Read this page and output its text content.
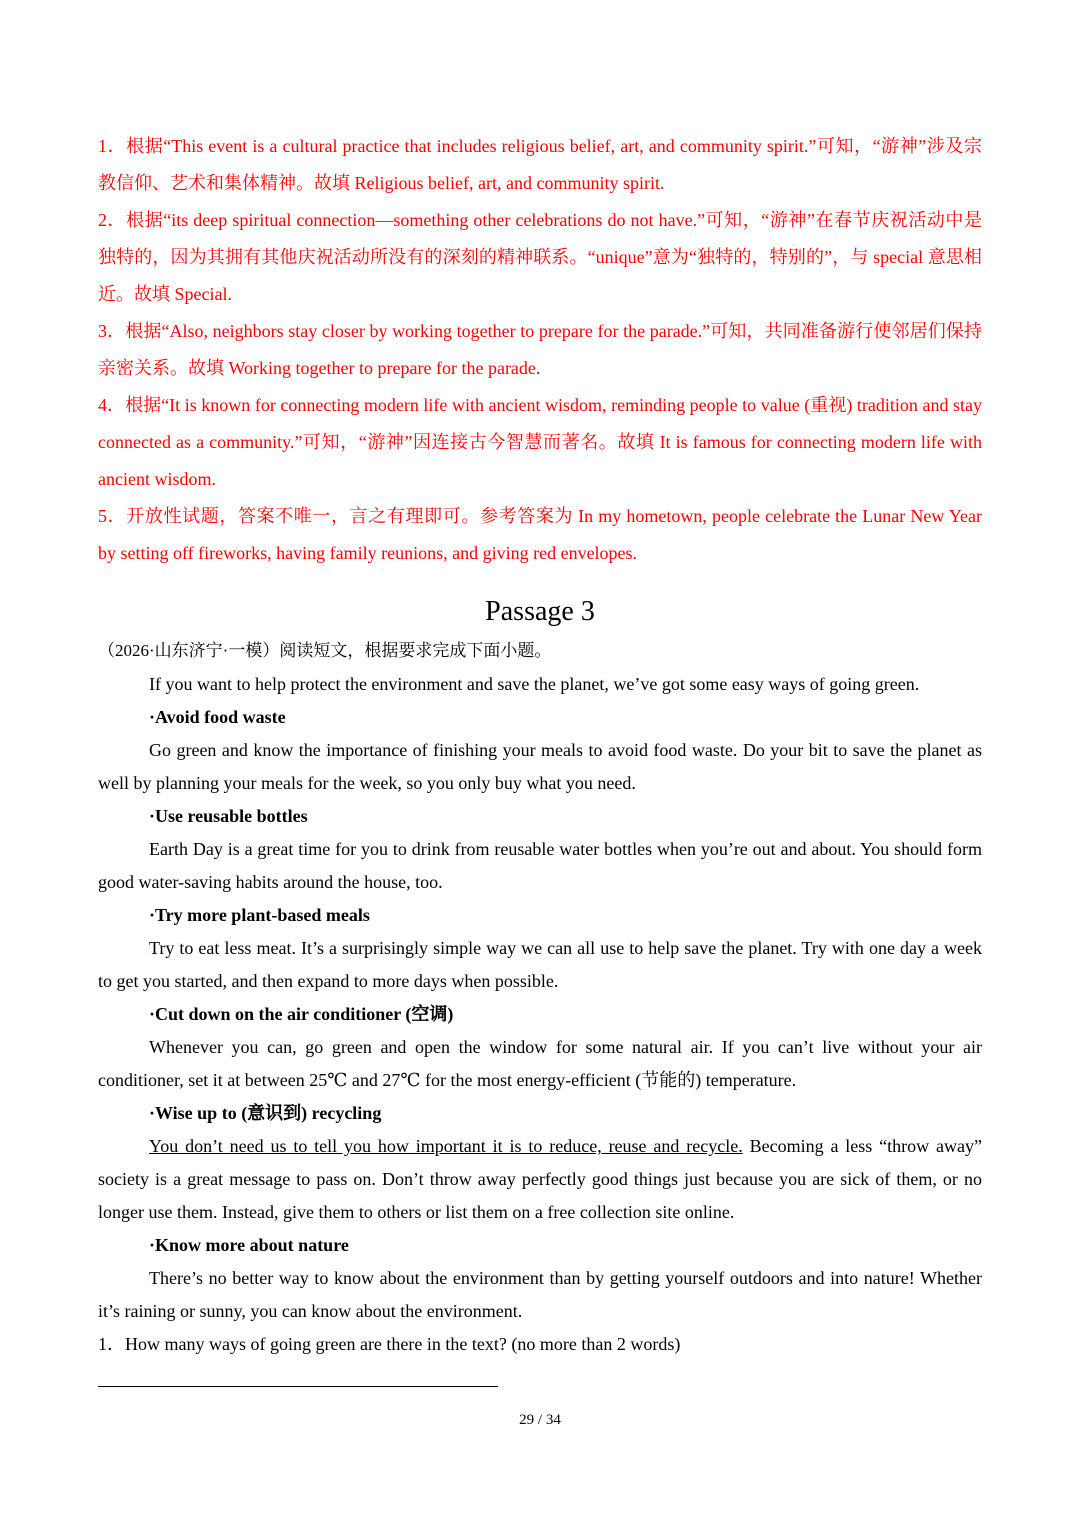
1．根据“This event is a cultural practice that includes religious belief, art, and community spirit.”可知，“游神”涉及宗教信仰、艺术和集体精神。故填 Religious belief, art, and community spirit.

2．根据“its deep spiritual connection—something other celebrations do not have.”可知，“游神”在春节庆祝活动中是独特的，因为其拥有其他庆祝活动所没有的深刻的精神联系。“unique”意为“独特的，特别的”，与 special 意思相近。故填 Special.

3．根据“Also, neighbors stay closer by working together to prepare for the parade.”可知，共同准备游行使邻居们保持亲密关系。故填 Working together to prepare for the parade.

4．根据“It is known for connecting modern life with ancient wisdom, reminding people to value (重视) tradition and stay connected as a community.”可知，“游神”因连接古今智慧而著名。故填 It is famous for connecting modern life with ancient wisdom.

5．开放性试题，答案不唯一，言之有理即可。参考答案为 In my hometown, people celebrate the Lunar New Year by setting off fireworks, having family reunions, and giving red envelopes.

Passage 3

（2026·山东济宁·一模）阅读短文，根据要求完成下面小题。

If you want to help protect the environment and save the planet, we’ve got some easy ways of going green.

·Avoid food waste

Go green and know the importance of finishing your meals to avoid food waste. Do your bit to save the planet as well by planning your meals for the week, so you only buy what you need.

·Use reusable bottles

Earth Day is a great time for you to drink from reusable water bottles when you’re out and about. You should form good water-saving habits around the house, too.

·Try more plant-based meals

Try to eat less meat. It’s a surprisingly simple way we can all use to help save the planet. Try with one day a week to get you started, and then expand to more days when possible.

·Cut down on the air conditioner (空调)

Whenever you can, go green and open the window for some natural air. If you can’t live without your air conditioner, set it at between 25℃ and 27℃ for the most energy-efficient (节能的) temperature.

·Wise up to (意识到) recycling

You don’t need us to tell you how important it is to reduce, reuse and recycle. Becoming a less “throw away” society is a great message to pass on. Don’t throw away perfectly good things just because you are sick of them, or no longer use them. Instead, give them to others or list them on a free collection site online.

·Know more about nature

There’s no better way to know about the environment than by getting yourself outdoors and into nature! Whether it’s raining or sunny, you can know about the environment.

1．How many ways of going green are there in the text? (no more than 2 words)

29 / 34
